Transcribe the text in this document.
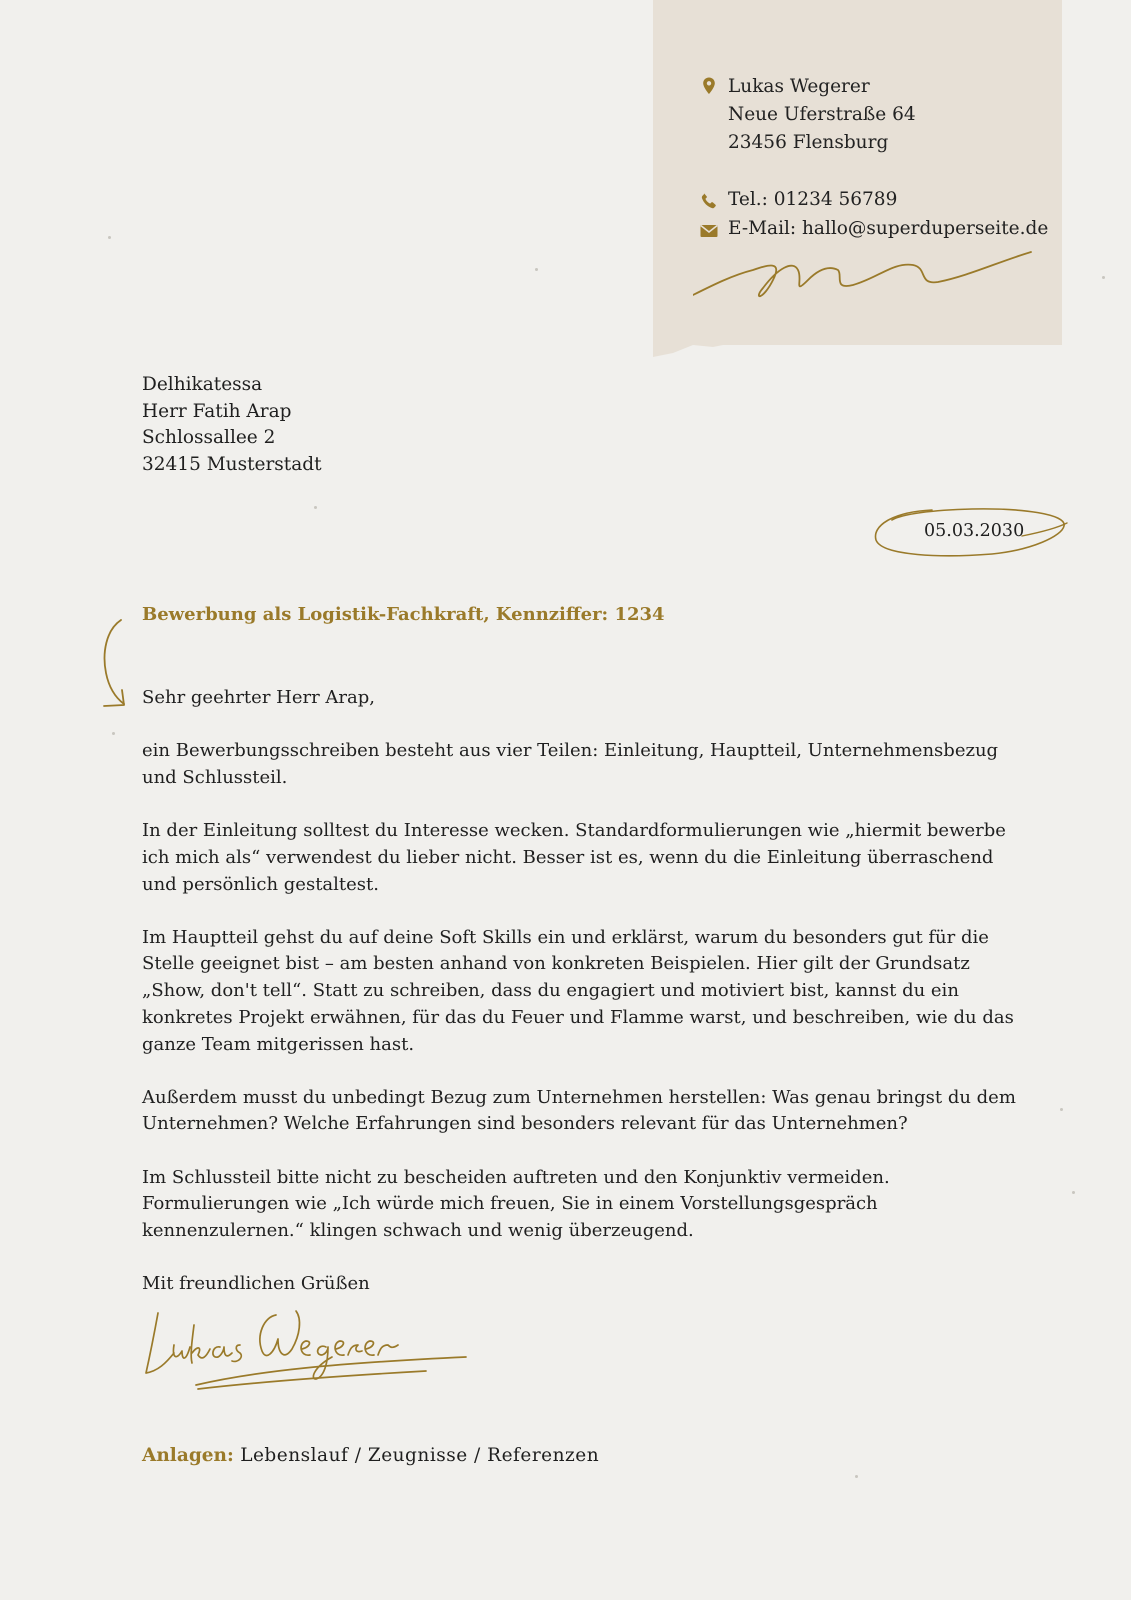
Lukas Wegerer
Neue Uferstraße 64
23456 Flensburg
Tel.: 01234 56789
E-Mail: hallo@superduperseite.de
Delhikatessa
Herr Fatih Arap
Schlossallee 2
32415 Musterstadt
05.03.2030
Bewerbung als Logistik-Fachkraft, Kennziffer: 1234

Sehr geehrter Herr Arap,

ein Bewerbungsschreiben besteht aus vier Teilen: Einleitung, Hauptteil, Unternehmensbezug und Schlussteil.

In der Einleitung solltest du Interesse wecken. Standardformulierungen wie „hiermit bewerbe ich mich als“ verwendest du lieber nicht. Besser ist es, wenn du die Einleitung überraschend und persönlich gestaltest.

Im Hauptteil gehst du auf deine Soft Skills ein und erklärst, warum du besonders gut für die Stelle geeignet bist – am besten anhand von konkreten Beispielen. Hier gilt der Grundsatz „Show, don't tell“. Statt zu schreiben, dass du engagiert und motiviert bist, kannst du ein konkretes Projekt erwähnen, für das du Feuer und Flamme warst, und beschreiben, wie du das ganze Team mitgerissen hast.

Außerdem musst du unbedingt Bezug zum Unternehmen herstellen: Was genau bringst du dem Unternehmen? Welche Erfahrungen sind besonders relevant für das Unternehmen?

Im Schlussteil bitte nicht zu bescheiden auftreten und den Konjunktiv vermeiden. Formulierungen wie „Ich würde mich freuen, Sie in einem Vorstellungsgespräch kennenzulernen.“ klingen schwach und wenig überzeugend.

Mit freundlichen Grüßen

Anlagen: Lebenslauf / Zeugnisse / Referenzen
